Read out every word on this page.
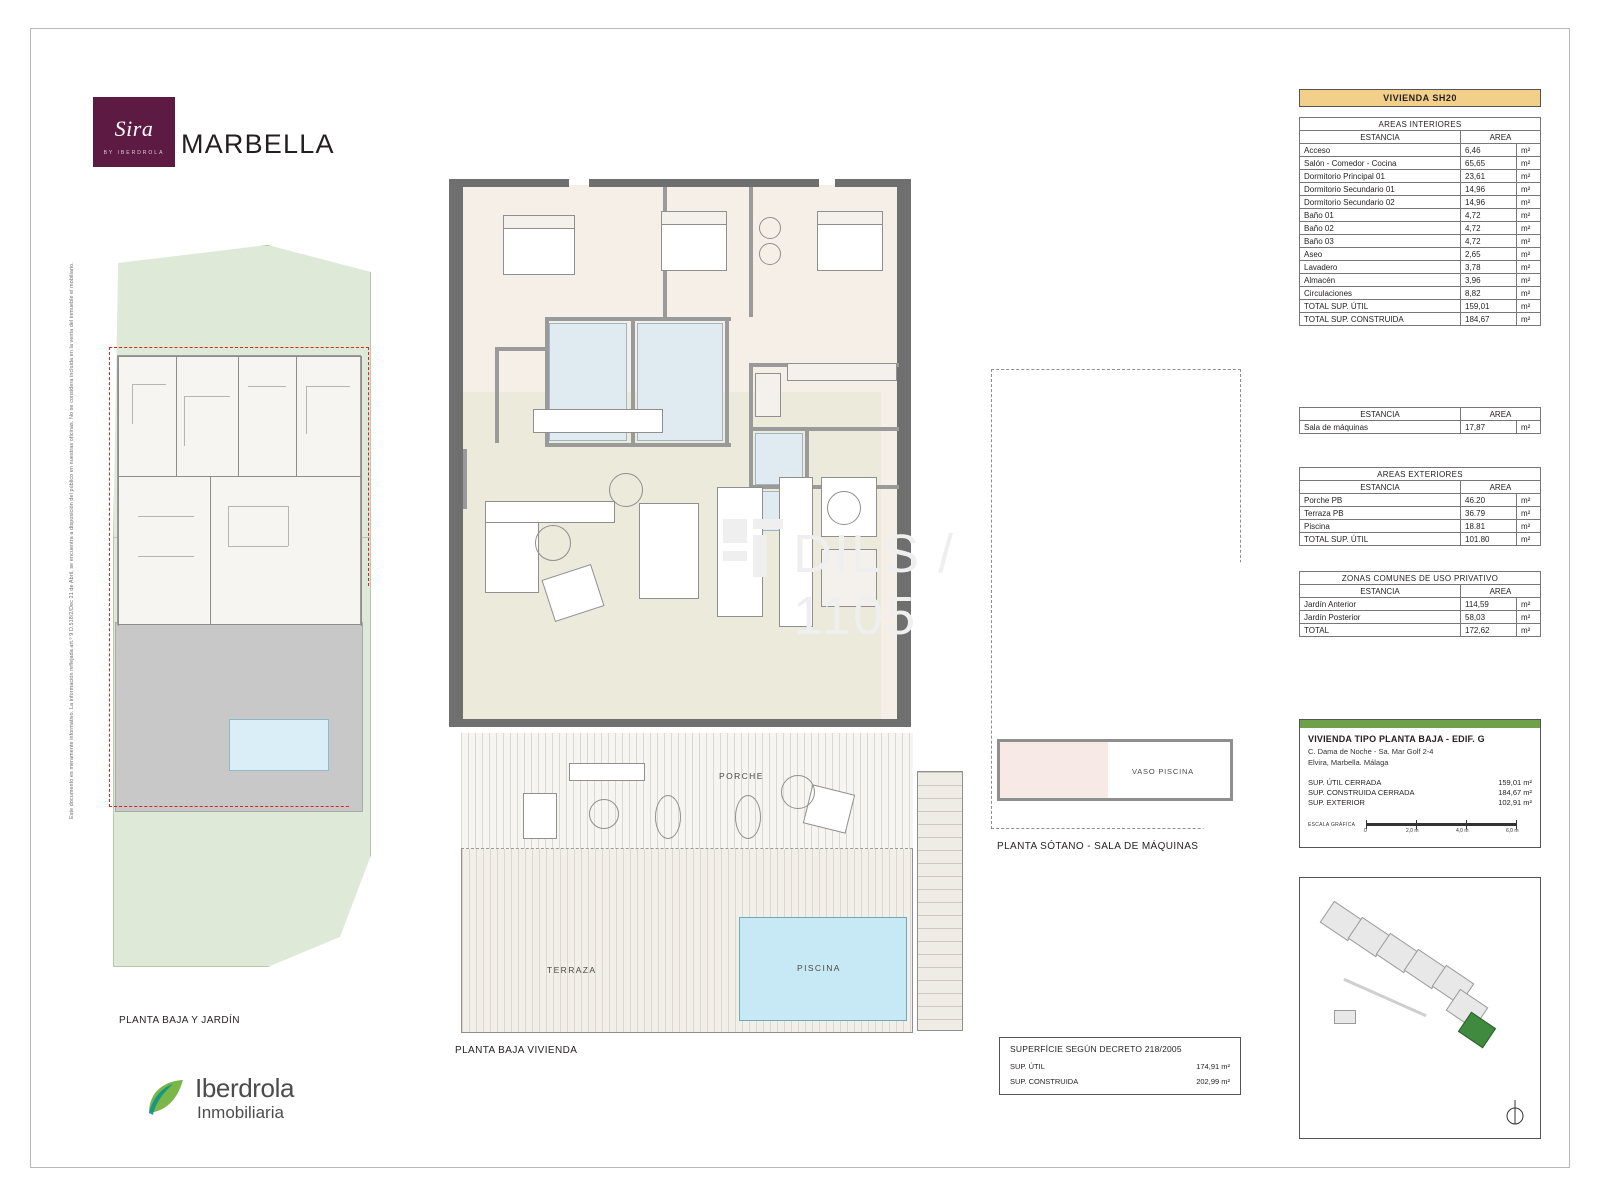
Sira
BY IBERDROLA MARBELLA
Este documento es meramente informativo. La información reflejada art.º 9 D.518/2/Dec 21 de Abril, se encuentra a disposición del público en nuestras oficinas. No se considera incluida en la venta del inmueble el mobiliario.
PLANTA BAJA Y JARDÍN
Iberdrola
Inmobiliaria
PORCHE
TERRAZA	PISCINA
PLANTA BAJA VIVIENDA
DILS / 1105
VASO PISCINA
PLANTA SÓTANO - SALA DE MÁQUINAS
VIVIENDA SH20
AREAS INTERIORES		
ESTANCIA	AREA	
Acceso	6,46	m²
Salón - Comedor - Cocina	65,65	m²
Dormitorio Principal 01	23,61	m²
Dormitorio Secundario 01	14,96	m²
Dormitorio Secundario 02	14,96	m²
Baño 01	4,72	m²
Baño 02	4,72	m²
Baño 03	4,72	m²
Aseo	2,65	m²
Lavadero	3,78	m²
Almacén	3,96	m²
Circulaciones	8,82	m²
TOTAL SUP. ÚTIL	159,01	m²
TOTAL SUP. CONSTRUIDA	184,67	m²
ESTANCIA	AREA	
Sala de máquinas	17,87	m²
AREAS EXTERIORES		
ESTANCIA	AREA	
Porche PB	46.20	m²
Terraza PB	36.79	m²
Piscina	18.81	m²
TOTAL SUP. ÚTIL	101.80	m²
ZONAS COMUNES DE USO PRIVATIVO		
ESTANCIA	AREA	
Jardín Anterior	114,59	m²
Jardín Posterior	58,03	m²
TOTAL	172,62	m²
VIVIENDA TIPO PLANTA BAJA - EDIF. G

C. Dama de Noche - Sa. Mar Golf 2-4

Elvira, Marbella. Málaga

SUP. ÚTIL CERRADA	159,01 m²
SUP. CONSTRUIDA CERRADA	184,67 m²
SUP. EXTERIOR	102,91 m²
ESCALA GRÁFICA
0	2,0 m	4,0 m	6,0 m
SUPERFÍCIE SEGÚN DECRETO 218/2005
SUP. ÚTIL	174,91 m²
SUP. CONSTRUIDA	202,99 m²
